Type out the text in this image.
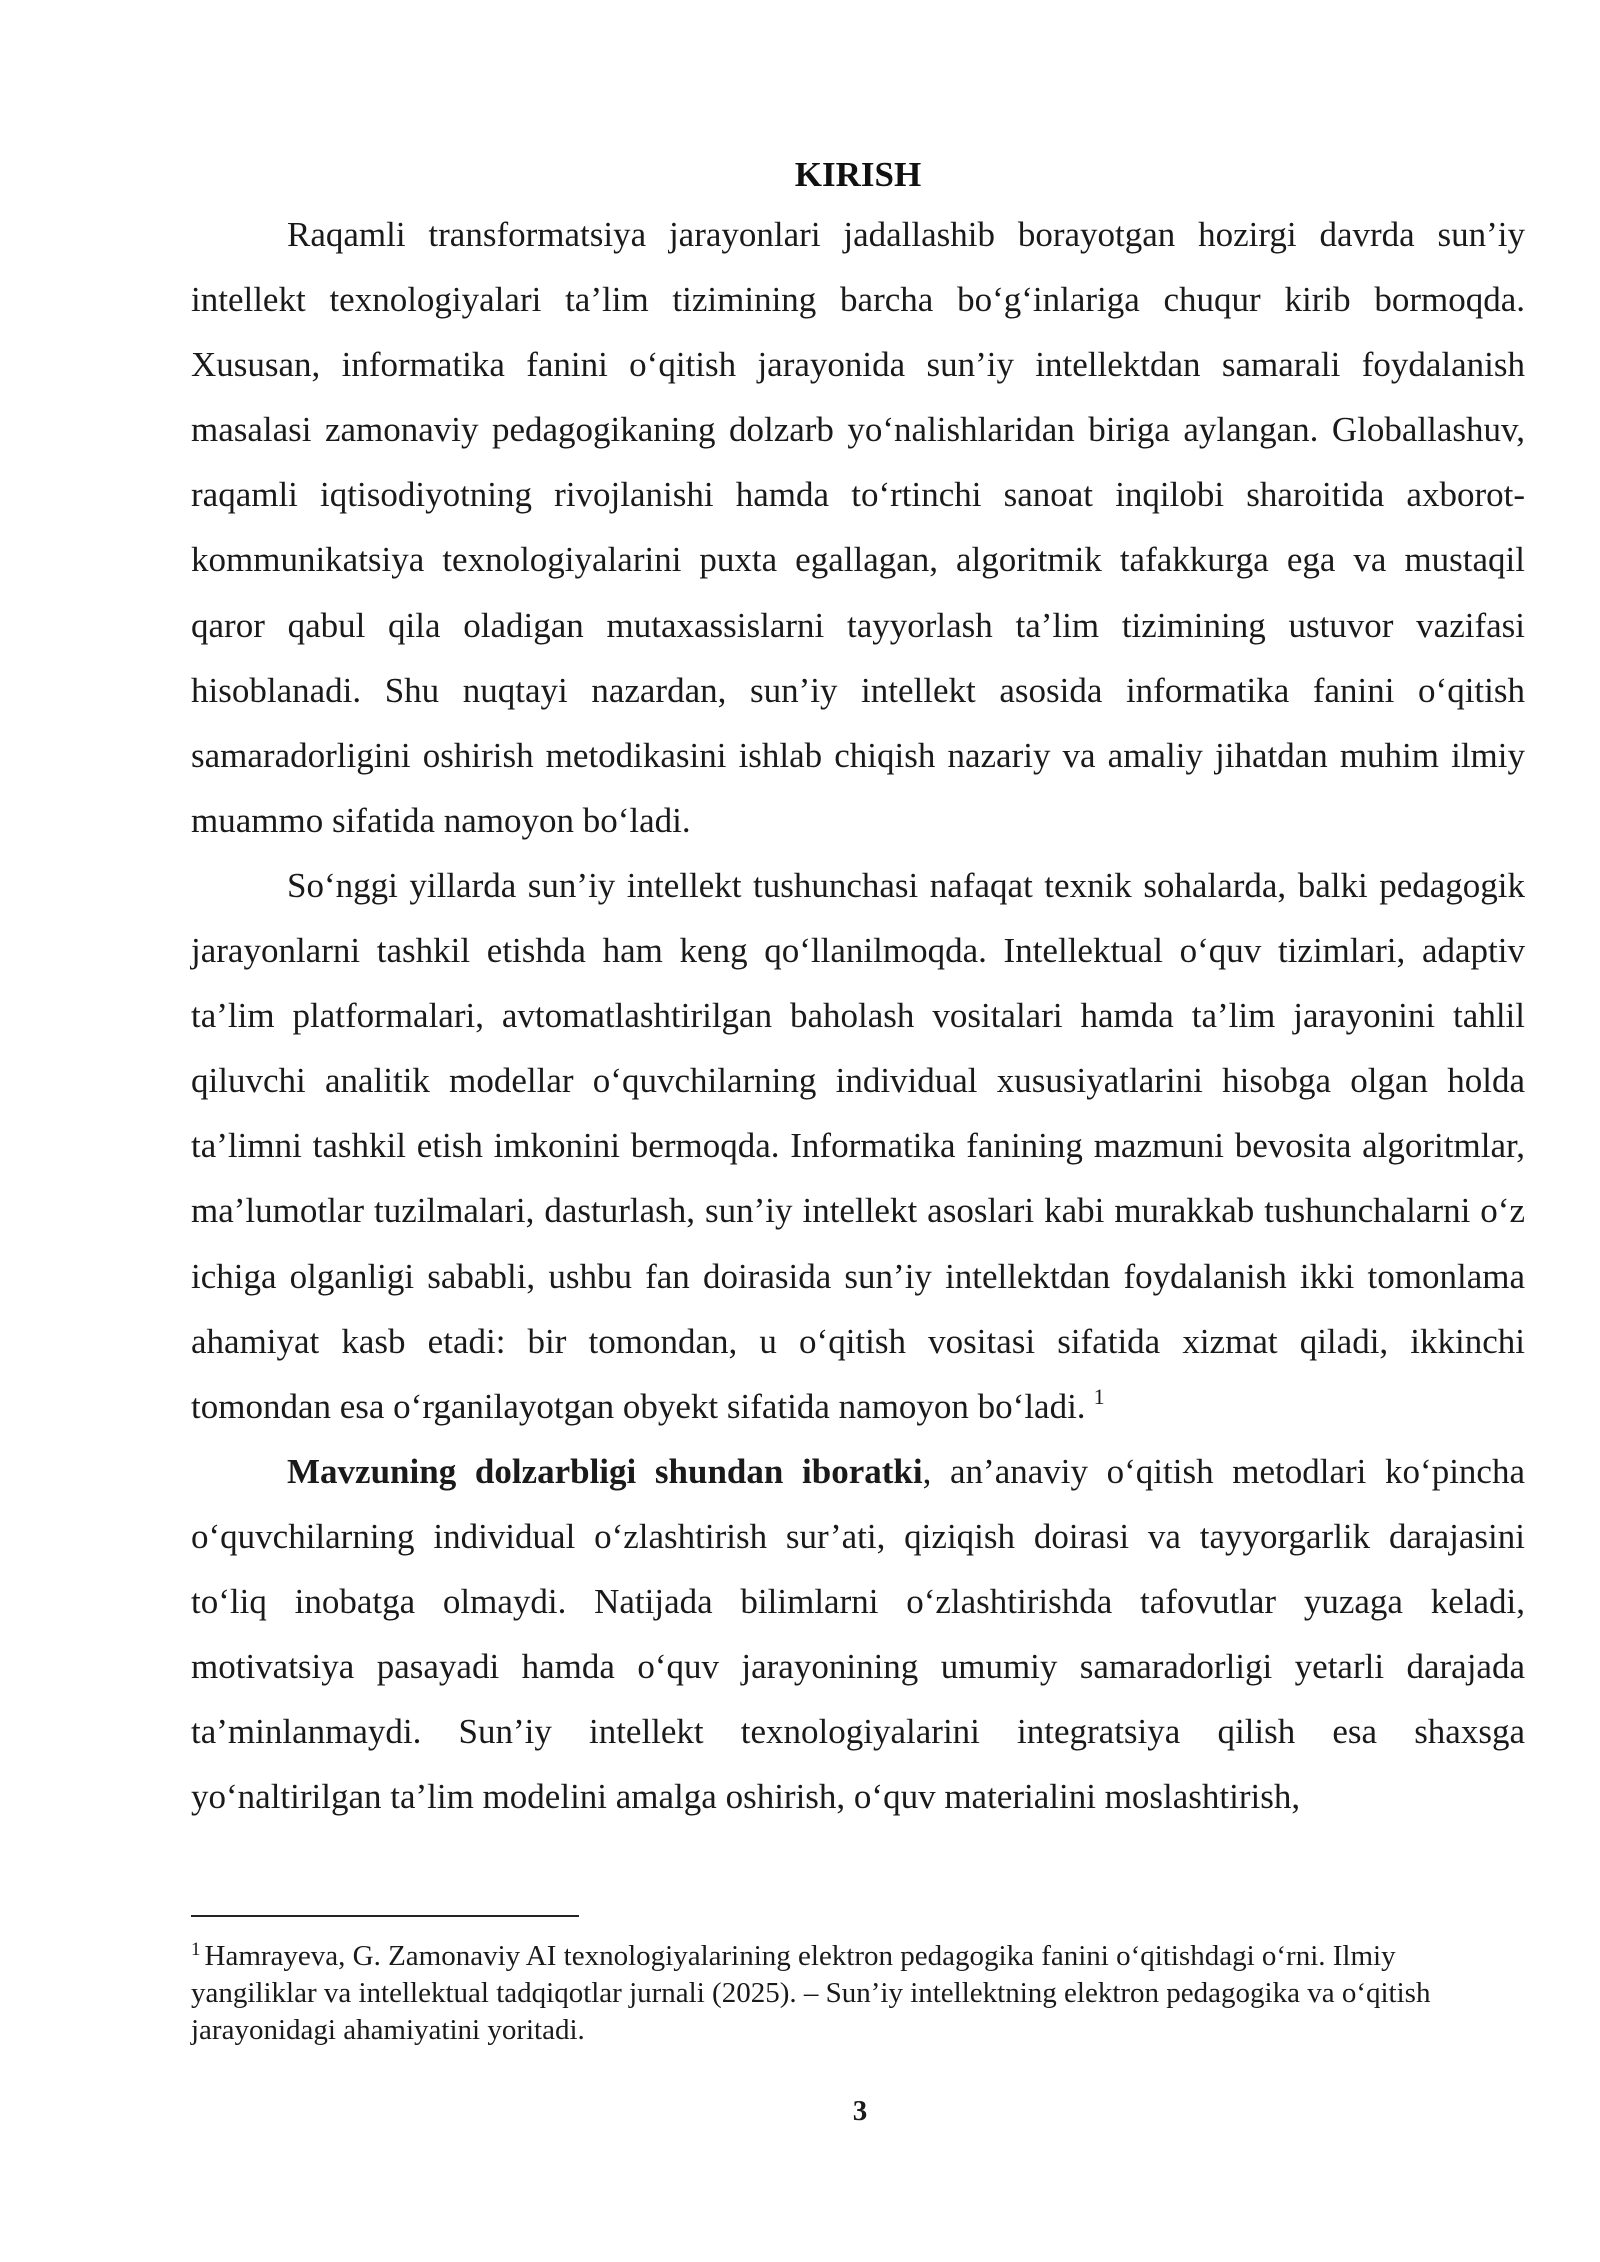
KIRISH

Raqamli transformatsiya jarayonlari jadallashib borayotgan hozirgi davrda sun’iy intellekt texnologiyalari ta’lim tizimining barcha bo‘g‘inlariga chuqur kirib bormoqda. Xususan, informatika fanini o‘qitish jarayonida sun’iy intellektdan samarali foydalanish masalasi zamonaviy pedagogikaning dolzarb yo‘nalishlaridan biriga aylangan. Globallashuv, raqamli iqtisodiyotning rivojlanishi hamda to‘rtinchi sanoat inqilobi sharoitida axborot-kommunikatsiya texnologiyalarini puxta egallagan, algoritmik tafakkurga ega va mustaqil qaror qabul qila oladigan mutaxassislarni tayyorlash ta’lim tizimining ustuvor vazifasi hisoblanadi. Shu nuqtayi nazardan, sun’iy intellekt asosida informatika fanini o‘qitish samaradorligini oshirish metodikasini ishlab chiqish nazariy va amaliy jihatdan muhim ilmiy muammo sifatida namoyon bo‘ladi.

So‘nggi yillarda sun’iy intellekt tushunchasi nafaqat texnik sohalarda, balki pedagogik jarayonlarni tashkil etishda ham keng qo‘llanilmoqda. Intellektual o‘quv tizimlari, adaptiv ta’lim platformalari, avtomatlashtirilgan baholash vositalari hamda ta’lim jarayonini tahlil qiluvchi analitik modellar o‘quvchilarning individual xususiyatlarini hisobga olgan holda ta’limni tashkil etish imkonini bermoqda. Informatika fanining mazmuni bevosita algoritmlar, ma’lumotlar tuzilmalari, dasturlash, sun’iy intellekt asoslari kabi murakkab tushunchalarni o‘z ichiga olganligi sababli, ushbu fan doirasida sun’iy intellektdan foydalanish ikki tomonlama ahamiyat kasb etadi: bir tomondan, u o‘qitish vositasi sifatida xizmat qiladi, ikkinchi tomondan esa o‘rganilayotgan obyekt sifatida namoyon bo‘ladi. $^1$

Mavzuning dolzarbligi shundan iboratki, an’anaviy o‘qitish metodlari ko‘pincha o‘quvchilarning individual o‘zlashtirish sur’ati, qiziqish doirasi va tayyorgarlik darajasini to‘liq inobatga olmaydi. Natijada bilimlarni o‘zlashtirishda tafovutlar yuzaga keladi, motivatsiya pasayadi hamda o‘quv jarayonining umumiy samaradorligi yetarli darajada ta’minlanmaydi. Sun’iy intellekt texnologiyalarini integratsiya qilish esa shaxsga yo‘naltirilgan ta’lim modelini amalga oshirish, o‘quv materialini moslashtirish,

$^1$ Hamrayeva, G. Zamonaviy AI texnologiyalarining elektron pedagogika fanini o‘qitishdagi o‘rni. Ilmiy yangiliklar va intellektual tadqiqotlar jurnali (2025). – Sun’iy intellektning elektron pedagogika va o‘qitish jarayonidagi ahamiyatini yoritadi.

3
